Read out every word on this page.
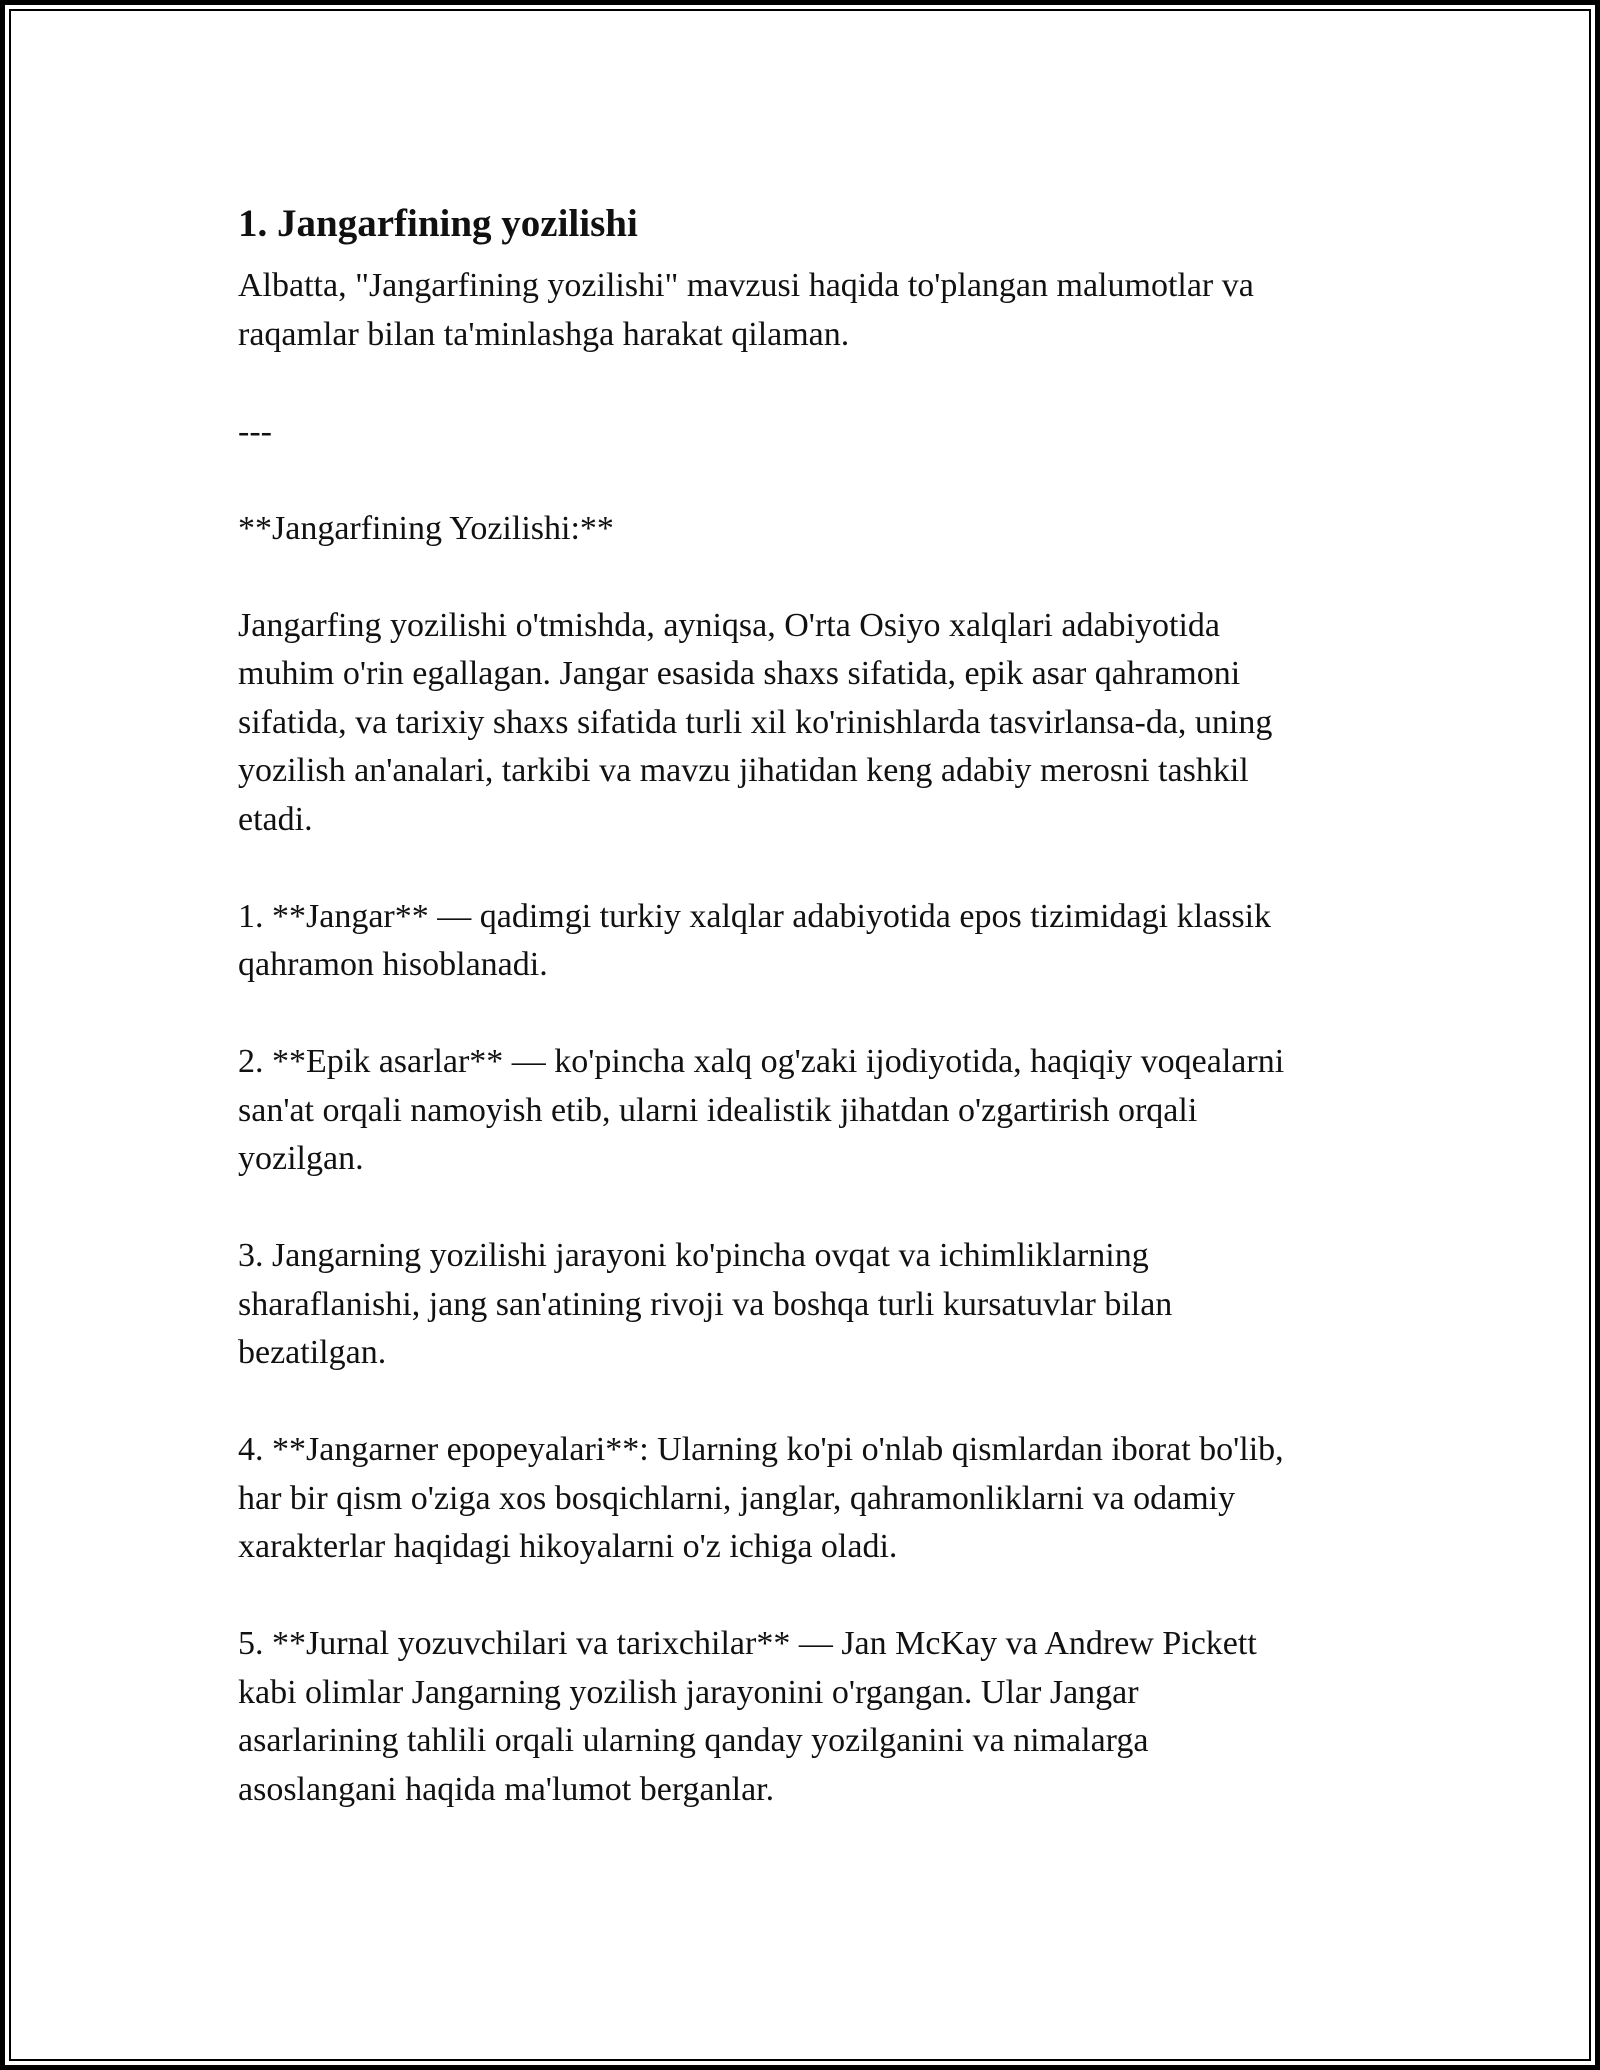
1. Jangarfining yozilishi
Albatta, "Jangarfining yozilishi" mavzusi haqida to'plangan malumotlar va
raqamlar bilan ta'minlashga harakat qilaman.
---
**Jangarfining Yozilishi:**
Jangarfing yozilishi o'tmishda, ayniqsa, O'rta Osiyo xalqlari adabiyotida
muhim o'rin egallagan. Jangar esasida shaxs sifatida, epik asar qahramoni
sifatida, va tarixiy shaxs sifatida turli xil ko'rinishlarda tasvirlansa-da, uning
yozilish an'analari, tarkibi va mavzu jihatidan keng adabiy merosni tashkil
etadi.
1. **Jangar** — qadimgi turkiy xalqlar adabiyotida epos tizimidagi klassik
qahramon hisoblanadi.
2. **Epik asarlar** — ko'pincha xalq og'zaki ijodiyotida, haqiqiy voqealarni
san'at orqali namoyish etib, ularni idealistik jihatdan o'zgartirish orqali
yozilgan.
3. Jangarning yozilishi jarayoni ko'pincha ovqat va ichimliklarning
sharaflanishi, jang san'atining rivoji va boshqa turli kursatuvlar bilan
bezatilgan.
4. **Jangarner epopeyalari**: Ularning ko'pi o'nlab qismlardan iborat bo'lib,
har bir qism o'ziga xos bosqichlarni, janglar, qahramonliklarni va odamiy
xarakterlar haqidagi hikoyalarni o'z ichiga oladi.
5. **Jurnal yozuvchilari va tarixchilar** — Jan McKay va Andrew Pickett
kabi olimlar Jangarning yozilish jarayonini o'rgangan. Ular Jangar
asarlarining tahlili orqali ularning qanday yozilganini va nimalarga
asoslangani haqida ma'lumot berganlar.
